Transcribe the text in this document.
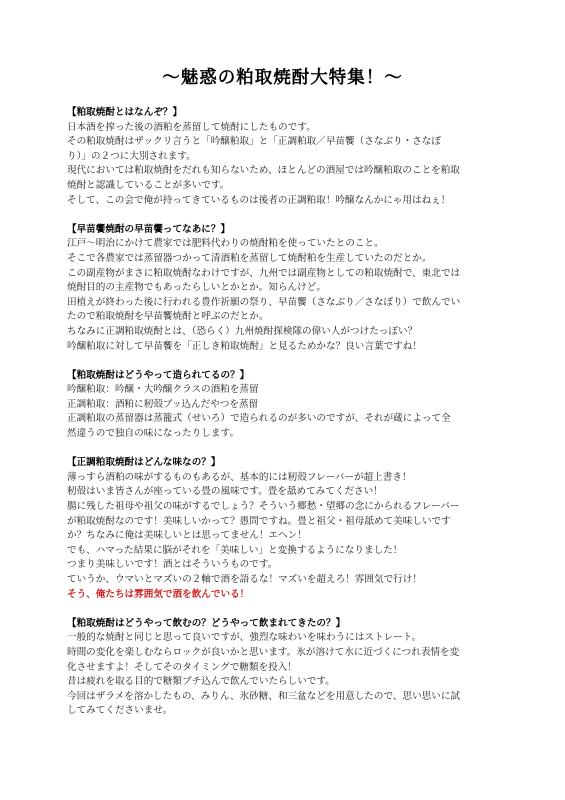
～魅惑の粕取焼酎大特集！～
【粕取焼酎とはなんぞ？】
日本酒を搾った後の酒粕を蒸留して焼酎にしたものです。
その粕取焼酎はザックリ言うと「吟醸粕取」と「正調粕取／早苗饗（さなぶり・さなぼ
り）」の２つに大別されます。
現代においては粕取焼酎をだれも知らないため、ほとんどの酒屋では吟醸粕取のことを粕取
焼酎と認識していることが多いです。
そして、この会で俺が持ってきているものは後者の正調粕取！吟醸なんかにゃ用はねぇ！
【早苗饗焼酎の早苗饗ってなあに？】
江戸～明治にかけて農家では肥料代わりの焼酎粕を使っていたとのこと。
そこで各農家では蒸留器つかって清酒粕を蒸留して焼酎粕を生産していたのだとか。
この副産物がまさに粕取焼酎なわけですが、九州では副産物としての粕取焼酎で、東北では
焼酎目的の主産物でもあったらしいとかとか。知らんけど。
田植えが終わった後に行われる豊作祈願の祭り、早苗饗（さなぶり／さなぼり）で飲んでい
たので粕取焼酎を早苗饗焼酎と呼ぶのだとか。
ちなみに正調粕取焼酎とは、（恐らく）九州焼酎探検隊の偉い人がつけたっぽい？
吟醸粕取に対して早苗饗を「正しき粕取焼酎」と見るためかな？良い言葉ですね！
【粕取焼酎はどうやって造られてるの？】
吟醸粕取：吟醸・大吟醸クラスの酒粕を蒸留
正調粕取：酒粕に籾殻ブッ込んだやつを蒸留
正調粕取の蒸留器は蒸籠式（せいろ）で造られるのが多いのですが、それが蔵によって全
然違うので独自の味になったりします。
【正調粕取焼酎はどんな味なの？】
薄っすら酒粕の味がするものもあるが、基本的には籾殻フレーバーが超上書き！
籾殻はいま皆さんが座っている畳の風味です。畳を舐めてみてください！
腸に残した祖母や祖父の味がするでしょう？そういう郷愁・望郷の念にかられるフレーバー
が粕取焼酎なのです！美味しいかって？愚問ですね。畳と祖父・祖母舐めて美味しいです
か？ちなみに俺は美味しいとは思ってません！エヘン！
でも、ハマった結果に脳がそれを「美味しい」と変換するようになりました！
つまり美味しいです！酒とはそういうものです。
ていうか、ウマいとマズいの２軸で酒を語るな！マズいを超えろ！雰囲気で行け！
そう、俺たちは雰囲気で酒を飲んでいる！
【粕取焼酎はどうやって飲むの？どうやって飲まれてきたの？】
一般的な焼酎と同じと思って良いですが、強烈な味わいを味わうにはストレート。
時間の変化を楽しむならロックが良いかと思います。氷が溶けて水に近づくにつれ表情を変
化させますよ！そしてそのタイミングで糖類を投入！
昔は疲れを取る目的で糖類ブチ込んで飲んでいたらしいです。
今回はザラメを溶かしたもの、みりん、氷砂糖、和三盆などを用意したので、思い思いに試
してみてくださいませ。
